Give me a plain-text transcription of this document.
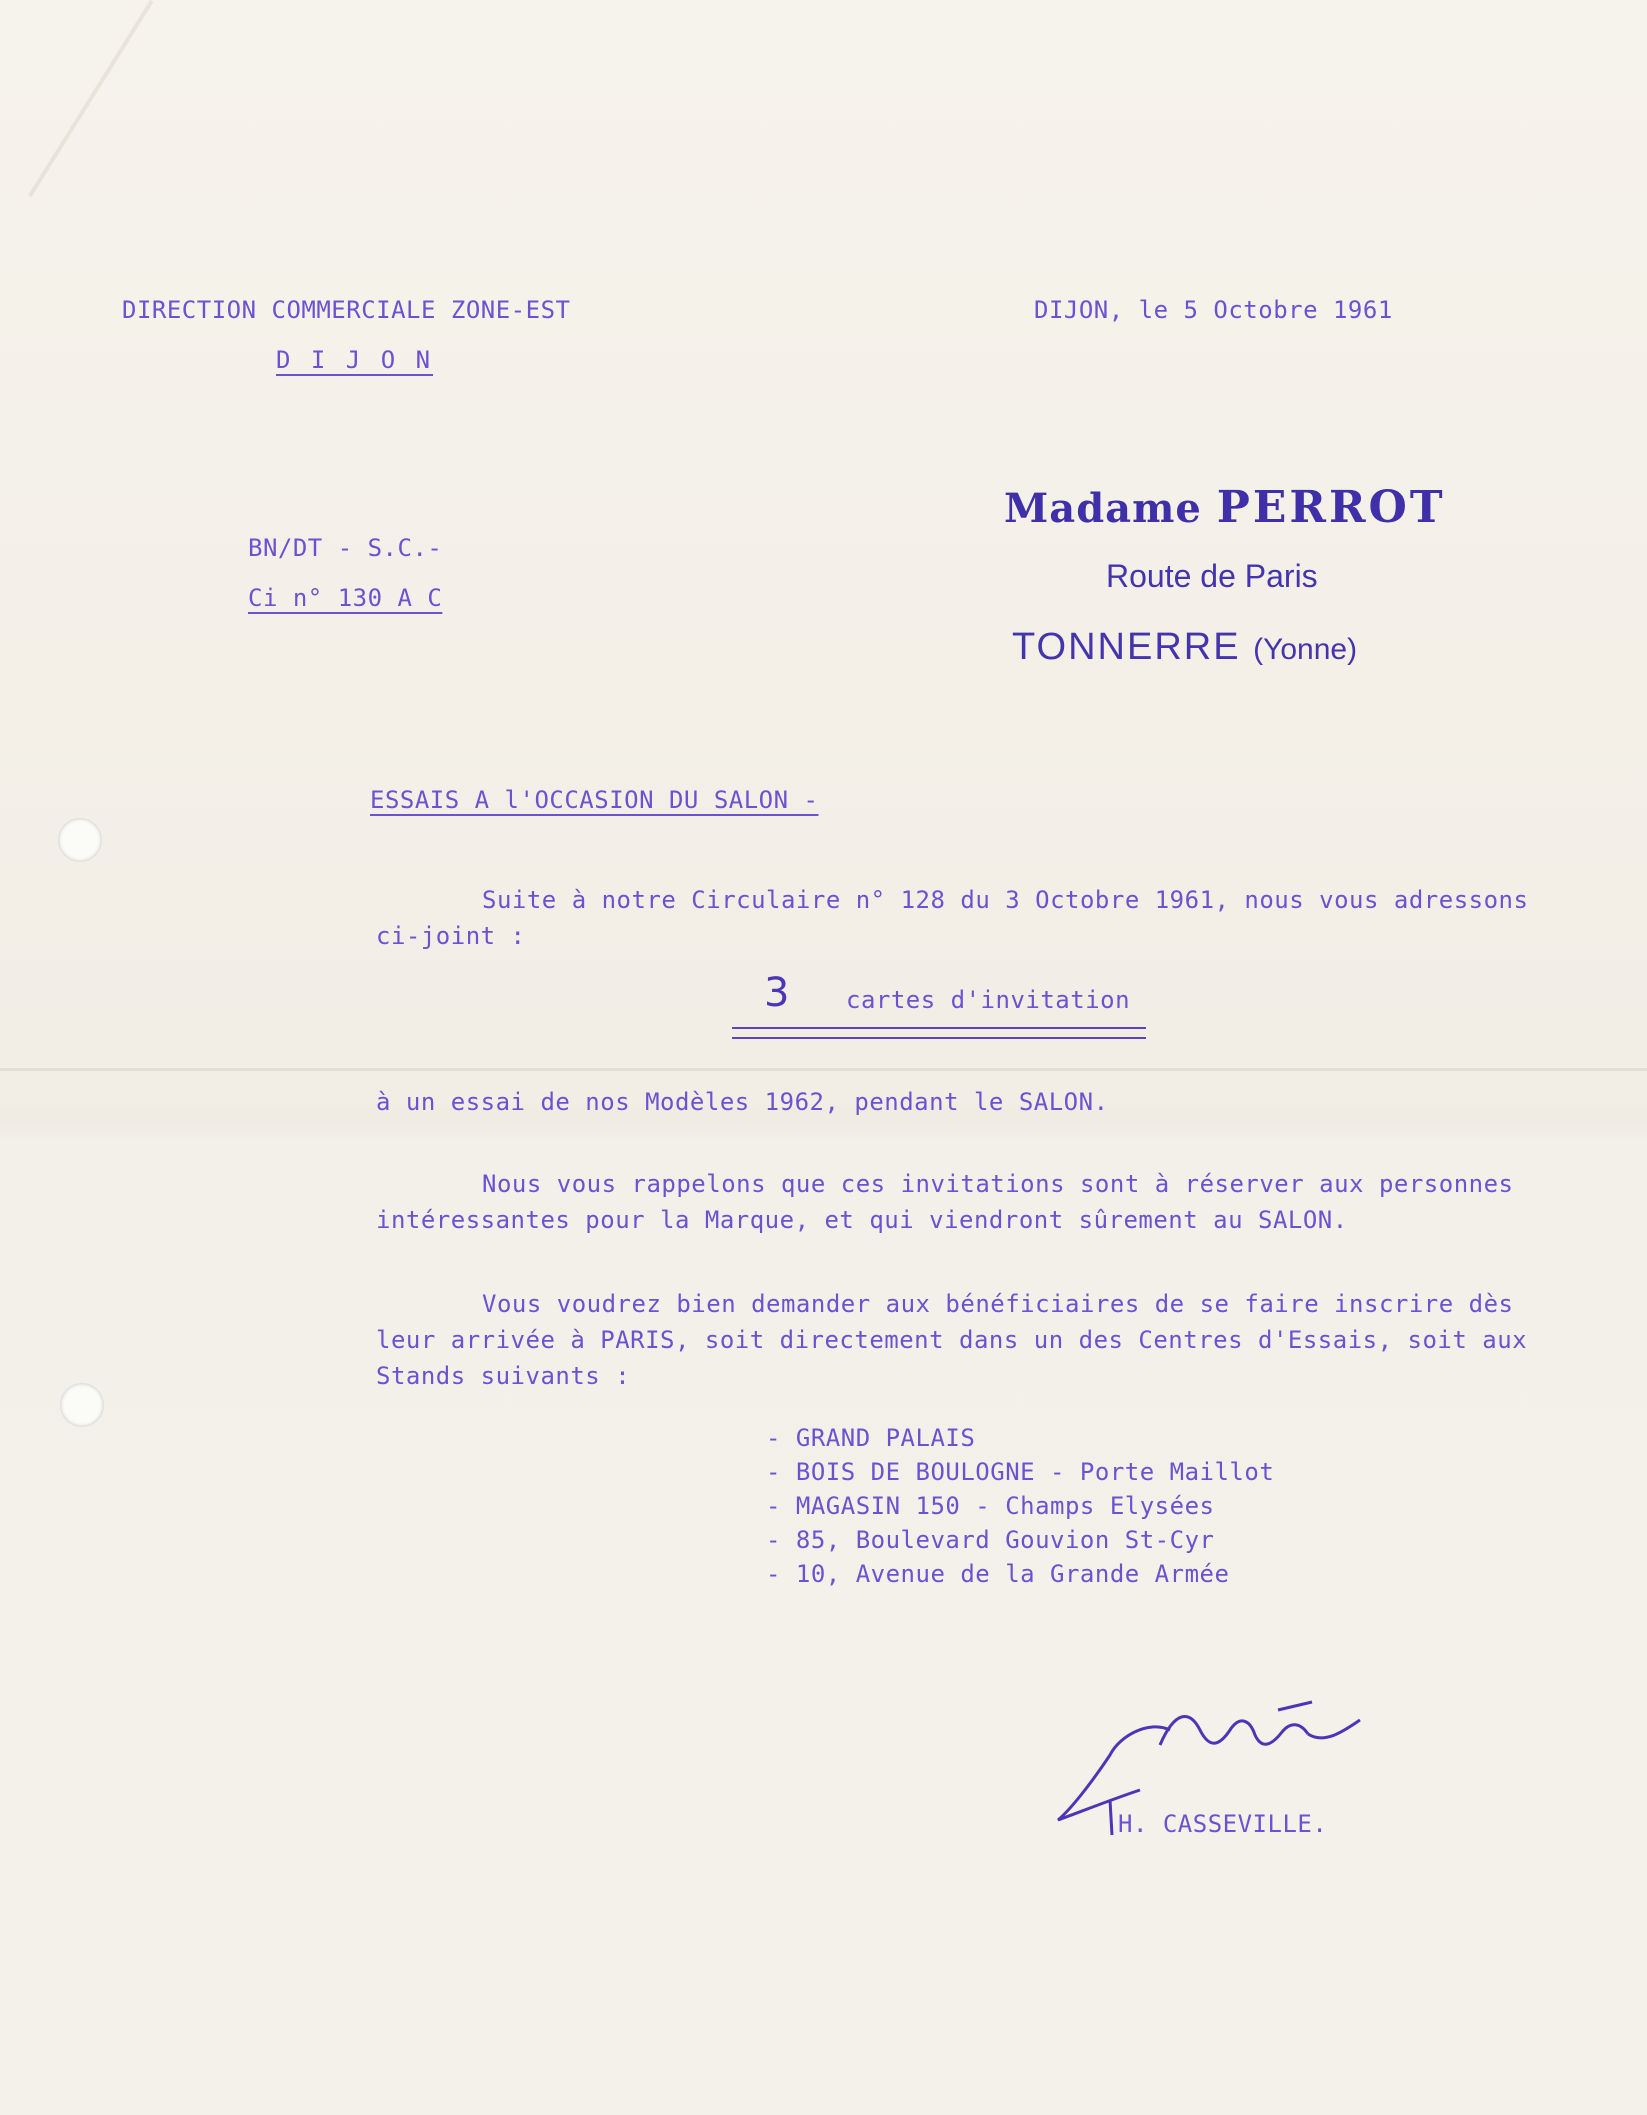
DIRECTION COMMERCIALE ZONE-EST
D I J O N
DIJON, le 5 Octobre 1961
BN/DT - S.C.-
Ci n° 130 A C
Madame PERROT
Route de Paris
TONNERRE (Yonne)
ESSAIS A l'OCCASION DU SALON -
Suite à notre Circulaire n° 128 du 3 Octobre 1961, nous vous adressons
ci-joint :
3 cartes d'invitation
à un essai de nos Modèles 1962, pendant le SALON.
Nous vous rappelons que ces invitations sont à réserver aux personnes
intéressantes pour la Marque, et qui viendront sûrement au SALON.
Vous voudrez bien demander aux bénéficiaires de se faire inscrire dès
leur arrivée à PARIS, soit directement dans un des Centres d'Essais, soit aux
Stands suivants :
- GRAND PALAIS
- BOIS DE BOULOGNE - Porte Maillot
- MAGASIN 150 - Champs Elysées
- 85, Boulevard Gouvion St-Cyr
- 10, Avenue de la Grande Armée
H. CASSEVILLE.
